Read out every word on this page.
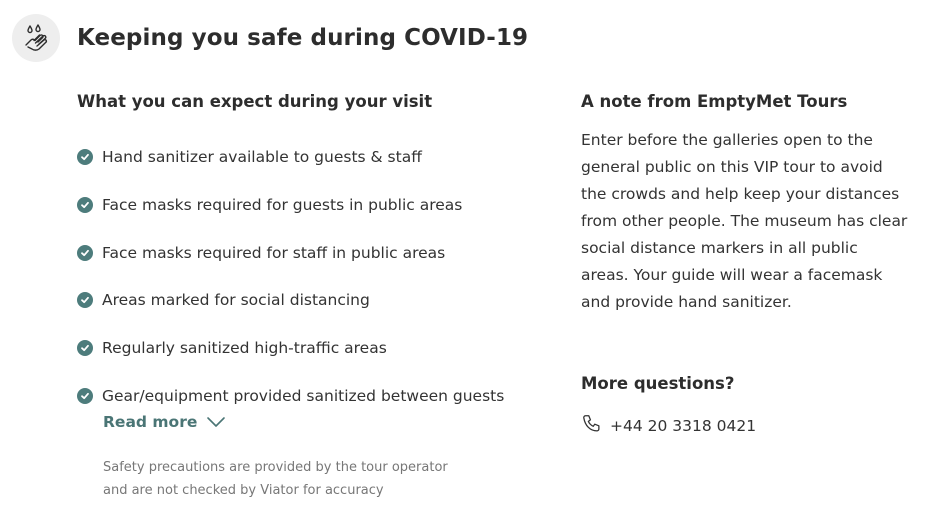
Keeping you safe during COVID-19
What you can expect during your visit
Hand sanitizer available to guests & staff
Face masks required for guests in public areas
Face masks required for staff in public areas
Areas marked for social distancing
Regularly sanitized high-traffic areas
Gear/equipment provided sanitized between guests
Read more
Safety precautions are provided by the tour operator
and are not checked by Viator for accuracy
A note from EmptyMet Tours
Enter before the galleries open to the
general public on this VIP tour to avoid
the crowds and help keep your distances
from other people. The museum has clear
social distance markers in all public
areas. Your guide will wear a facemask
and provide hand sanitizer.
More questions?
+44 20 3318 0421
